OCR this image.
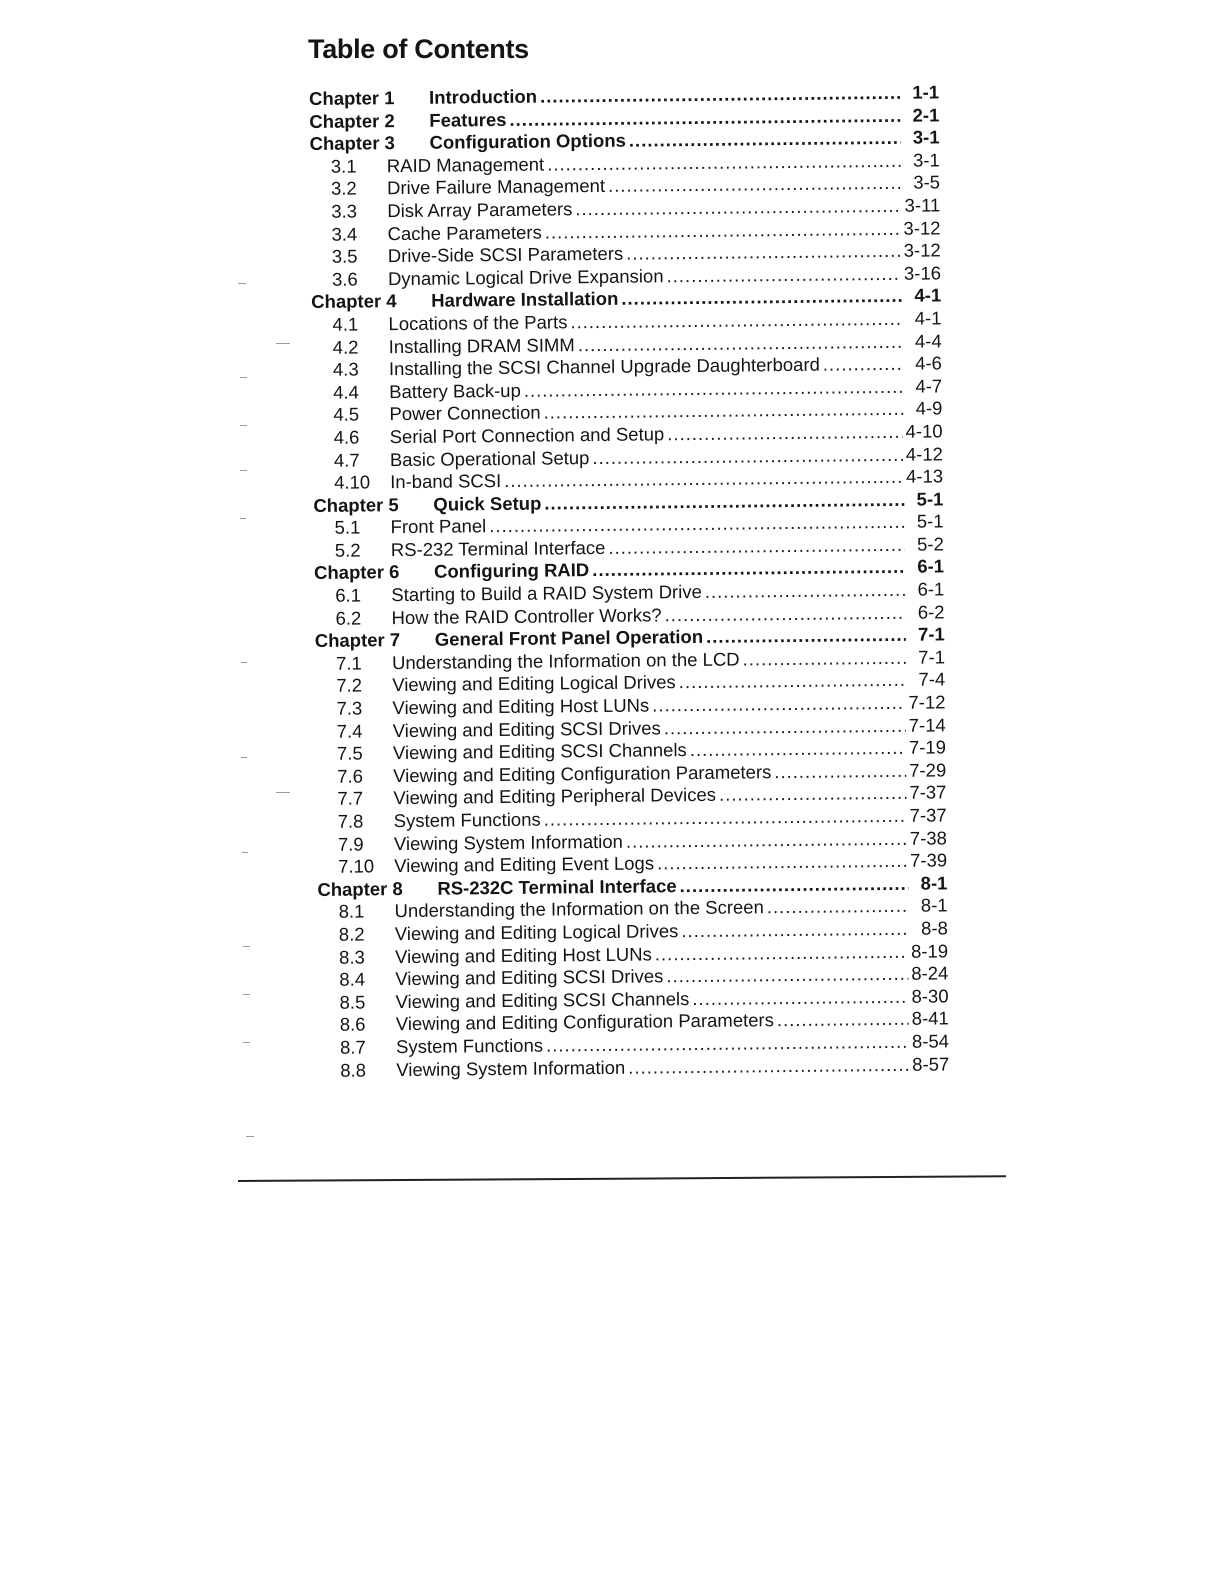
Table of Contents
Chapter 1	Introduction .....	1-1
Chapter 2	Features .....	2-1
Chapter 3	Configuration Options .....	3-1
3.1	RAID Management .....	3-1
3.2	Drive Failure Management .....	3-5
3.3	Disk Array Parameters .....	3-11
3.4	Cache Parameters .....	3-12
3.5	Drive-Side SCSI Parameters .....	3-12
3.6	Dynamic Logical Drive Expansion .....	3-16
Chapter 4	Hardware Installation .....	4-1
4.1	Locations of the Parts .....	4-1
4.2	Installing DRAM SIMM .....	4-4
4.3	Installing the SCSI Channel Upgrade Daughterboard .....	4-6
4.4	Battery Back-up .....	4-7
4.5	Power Connection .....	4-9
4.6	Serial Port Connection and Setup .....	4-10
4.7	Basic Operational Setup .....	4-12
4.10	In-band SCSI .....	4-13
Chapter 5	Quick Setup .....	5-1
5.1	Front Panel .....	5-1
5.2	RS-232 Terminal Interface .....	5-2
Chapter 6	Configuring RAID .....	6-1
6.1	Starting to Build a RAID System Drive .....	6-1
6.2	How the RAID Controller Works? .....	6-2
Chapter 7	General Front Panel Operation .....	7-1
7.1	Understanding the Information on the LCD .....	7-1
7.2	Viewing and Editing Logical Drives .....	7-4
7.3	Viewing and Editing Host LUNs .....	7-12
7.4	Viewing and Editing SCSI Drives .....	7-14
7.5	Viewing and Editing SCSI Channels .....	7-19
7.6	Viewing and Editing Configuration Parameters .....	7-29
7.7	Viewing and Editing Peripheral Devices .....	7-37
7.8	System Functions .....	7-37
7.9	Viewing System Information .....	7-38
7.10	Viewing and Editing Event Logs .....	7-39
Chapter 8	RS-232C Terminal Interface .....	8-1
8.1	Understanding the Information on the Screen .....	8-1
8.2	Viewing and Editing Logical Drives .....	8-8
8.3	Viewing and Editing Host LUNs .....	8-19
8.4	Viewing and Editing SCSI Drives .....	8-24
8.5	Viewing and Editing SCSI Channels .....	8-30
8.6	Viewing and Editing Configuration Parameters .....	8-41
8.7	System Functions .....	8-54
8.8	Viewing System Information .....	8-57
